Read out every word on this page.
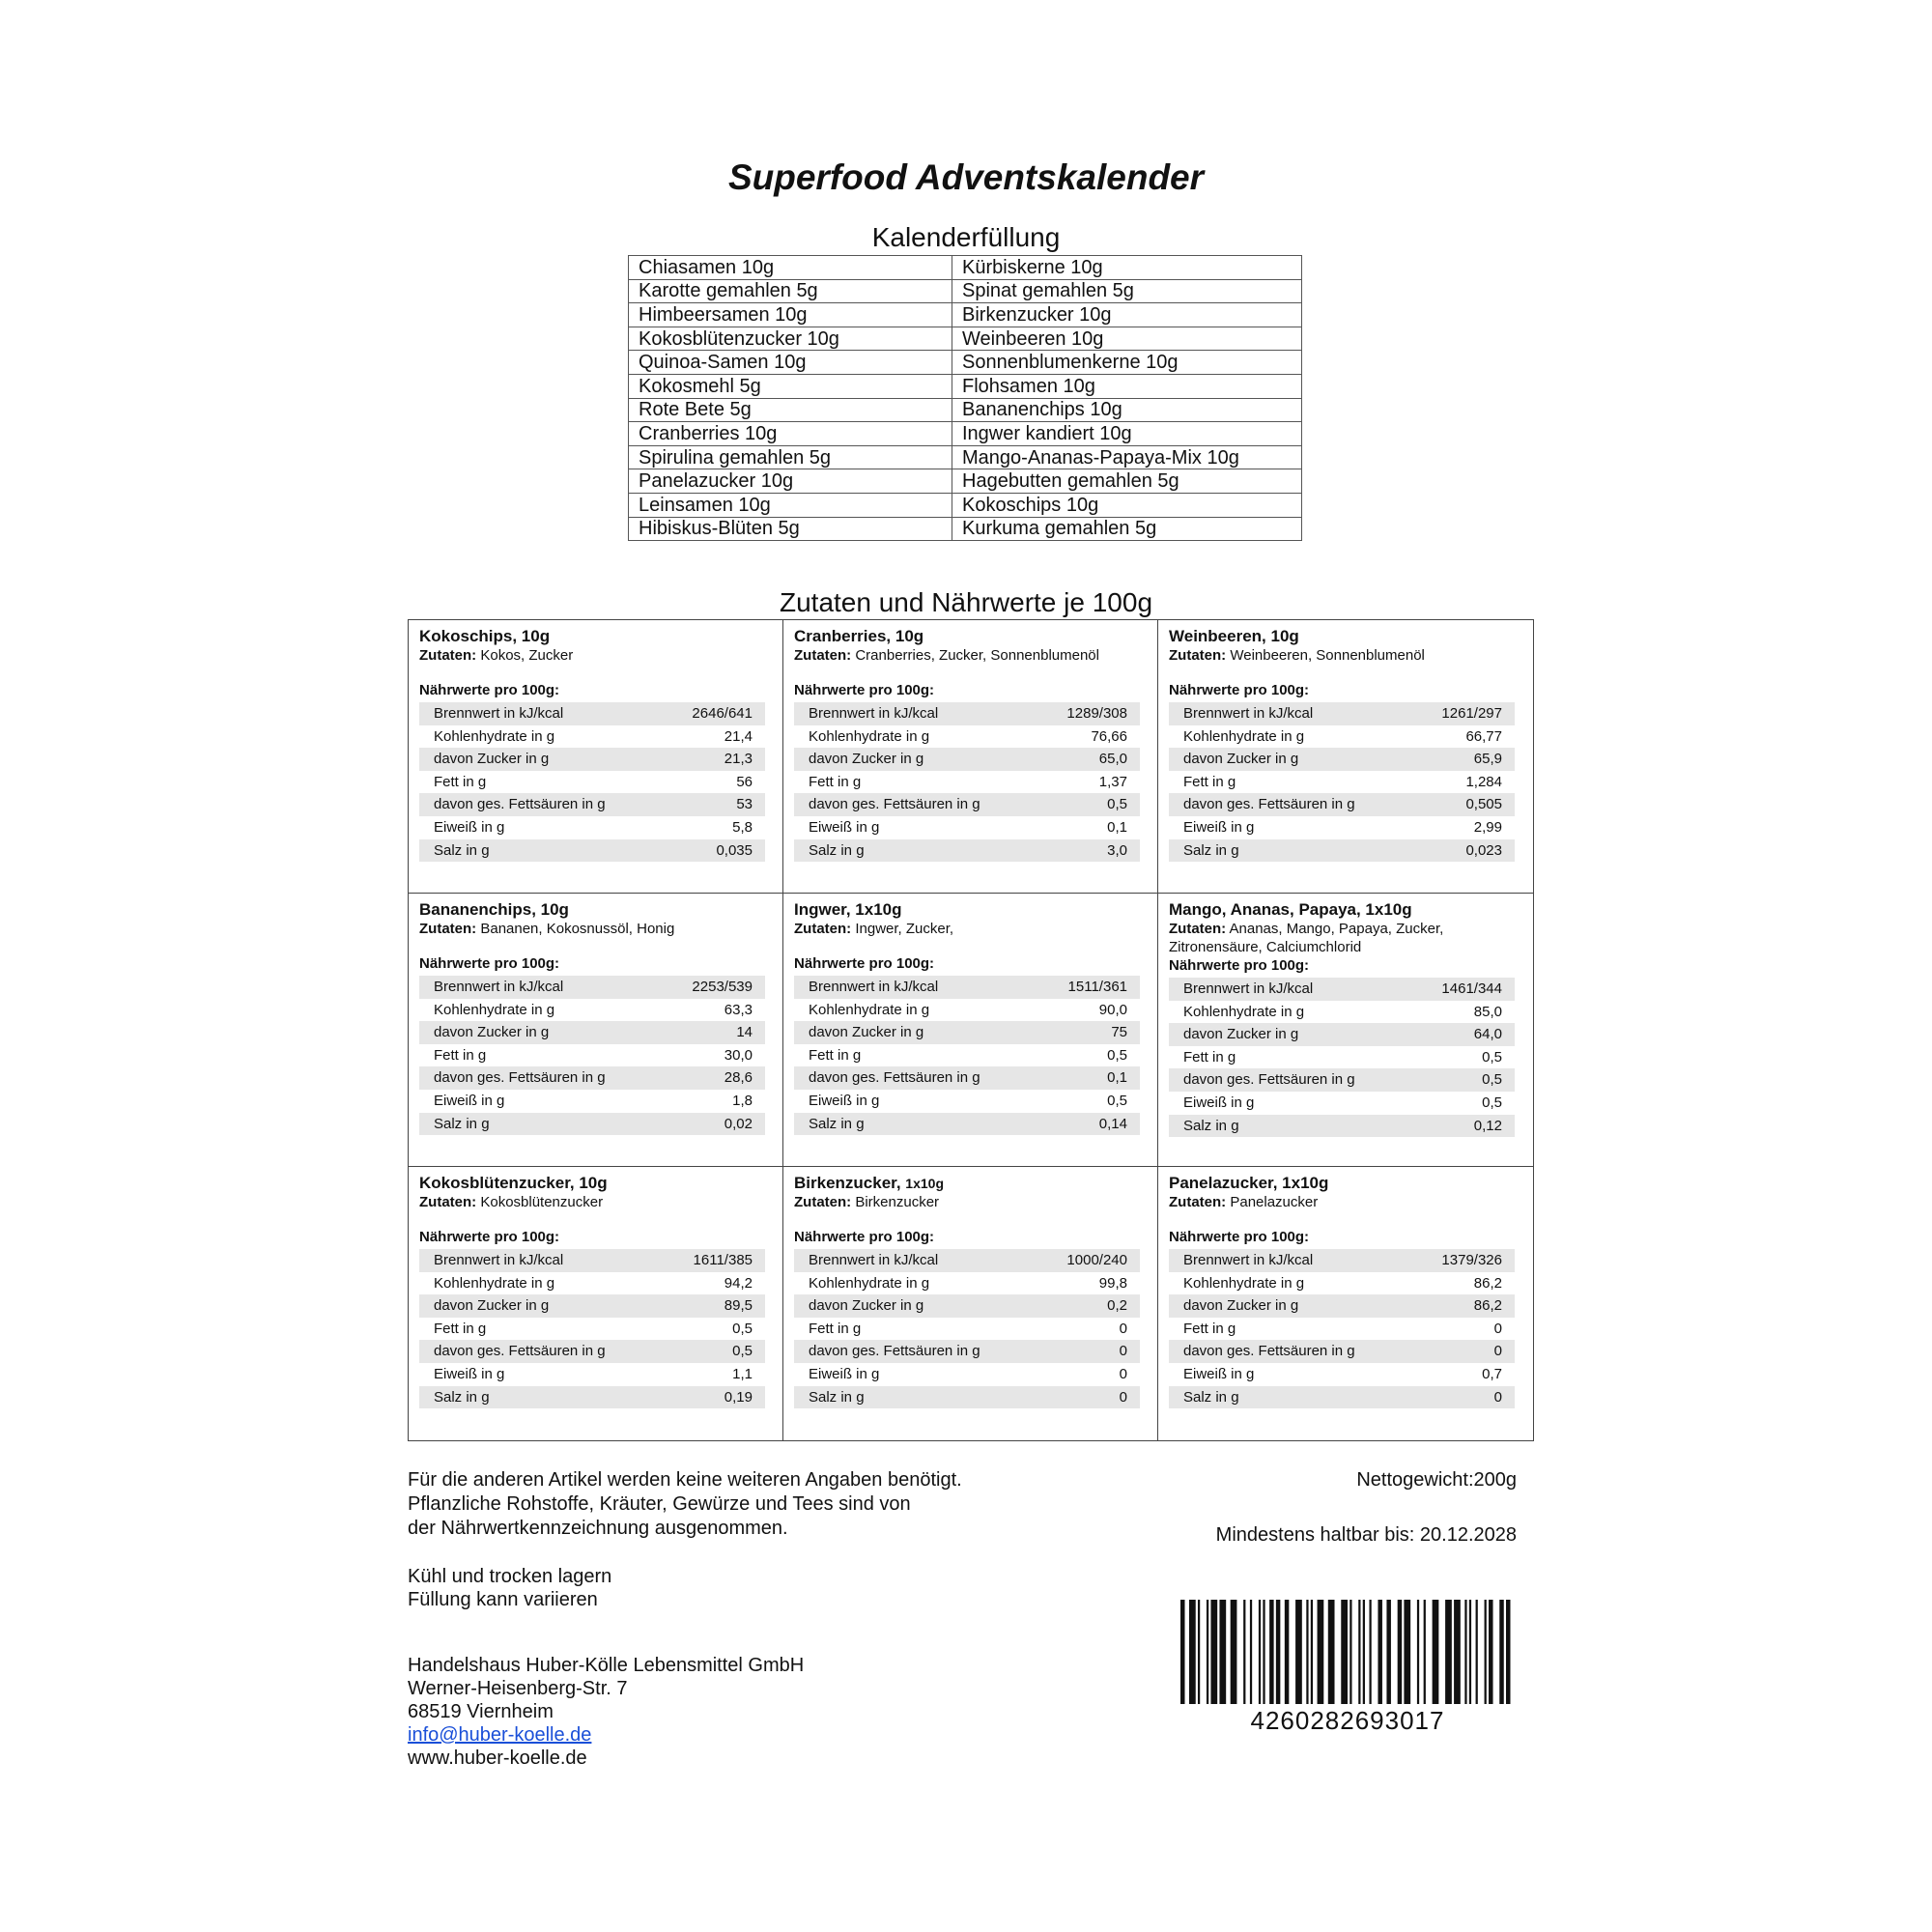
Superfood Adventskalender
Kalenderfüllung
Chiasamen 10g	Kürbiskerne 10g
Karotte gemahlen 5g	Spinat gemahlen 5g
Himbeersamen 10g	Birkenzucker 10g
Kokosblütenzucker 10g	Weinbeeren 10g
Quinoa-Samen 10g	Sonnenblumenkerne 10g
Kokosmehl 5g	Flohsamen 10g
Rote Bete 5g	Bananenchips 10g
Cranberries 10g	Ingwer kandiert 10g
Spirulina gemahlen 5g	Mango-Ananas-Papaya-Mix 10g
Panelazucker 10g	Hagebutten gemahlen 5g
Leinsamen 10g	Kokoschips 10g
Hibiskus-Blüten 5g	Kurkuma gemahlen 5g
Zutaten und Nährwerte je 100g
Kokoschips, 10g
Zutaten: Kokos, Zucker
Nährwerte pro 100g:
Brennwert in kJ/kcal	2646/641
Kohlenhydrate in g	21,4
davon Zucker in g	21,3
Fett in g	56
davon ges. Fettsäuren in g	53
Eiweiß in g	5,8
Salz in g	0,035
Cranberries, 10g
Zutaten: Cranberries, Zucker, Sonnenblumenöl
Nährwerte pro 100g:
Brennwert in kJ/kcal	1289/308
Kohlenhydrate in g	76,66
davon Zucker in g	65,0
Fett in g	1,37
davon ges. Fettsäuren in g	0,5
Eiweiß in g	0,1
Salz in g	3,0
Weinbeeren, 10g
Zutaten: Weinbeeren, Sonnenblumenöl
Nährwerte pro 100g:
Brennwert in kJ/kcal	1261/297
Kohlenhydrate in g	66,77
davon Zucker in g	65,9
Fett in g	1,284
davon ges. Fettsäuren in g	0,505
Eiweiß in g	2,99
Salz in g	0,023
Bananenchips, 10g
Zutaten: Bananen, Kokosnussöl, Honig
Nährwerte pro 100g:
Brennwert in kJ/kcal	2253/539
Kohlenhydrate in g	63,3
davon Zucker in g	14
Fett in g	30,0
davon ges. Fettsäuren in g	28,6
Eiweiß in g	1,8
Salz in g	0,02
Ingwer, 1x10g
Zutaten: Ingwer, Zucker,
Nährwerte pro 100g:
Brennwert in kJ/kcal	1511/361
Kohlenhydrate in g	90,0
davon Zucker in g	75
Fett in g	0,5
davon ges. Fettsäuren in g	0,1
Eiweiß in g	0,5
Salz in g	0,14
Mango, Ananas, Papaya, 1x10g
Zutaten: Ananas, Mango, Papaya, Zucker, Zitronensäure, Calciumchlorid
Nährwerte pro 100g:
Brennwert in kJ/kcal	1461/344
Kohlenhydrate in g	85,0
davon Zucker in g	64,0
Fett in g	0,5
davon ges. Fettsäuren in g	0,5
Eiweiß in g	0,5
Salz in g	0,12
Kokosblütenzucker, 10g
Zutaten: Kokosblütenzucker
Nährwerte pro 100g:
Brennwert in kJ/kcal	1611/385
Kohlenhydrate in g	94,2
davon Zucker in g	89,5
Fett in g	0,5
davon ges. Fettsäuren in g	0,5
Eiweiß in g	1,1
Salz in g	0,19
Birkenzucker, 1x10g
Zutaten: Birkenzucker
Nährwerte pro 100g:
Brennwert in kJ/kcal	1000/240
Kohlenhydrate in g	99,8
davon Zucker in g	0,2
Fett in g	0
davon ges. Fettsäuren in g	0
Eiweiß in g	0
Salz in g	0
Panelazucker, 1x10g
Zutaten: Panelazucker
Nährwerte pro 100g:
Brennwert in kJ/kcal	1379/326
Kohlenhydrate in g	86,2
davon Zucker in g	86,2
Fett in g	0
davon ges. Fettsäuren in g	0
Eiweiß in g	0,7
Salz in g	0
Für die anderen Artikel werden keine weiteren Angaben benötigt.
Pflanzliche Rohstoffe, Kräuter, Gewürze und Tees sind von
der Nährwertkennzeichnung ausgenommen.
Kühl und trocken lagern
Füllung kann variieren
Handelshaus Huber-Kölle Lebensmittel GmbH
Werner-Heisenberg-Str. 7
68519 Viernheim
info@huber-koelle.de
www.huber-koelle.de
Nettogewicht:200g
Mindestens haltbar bis: 20.12.2028
4260282693017
